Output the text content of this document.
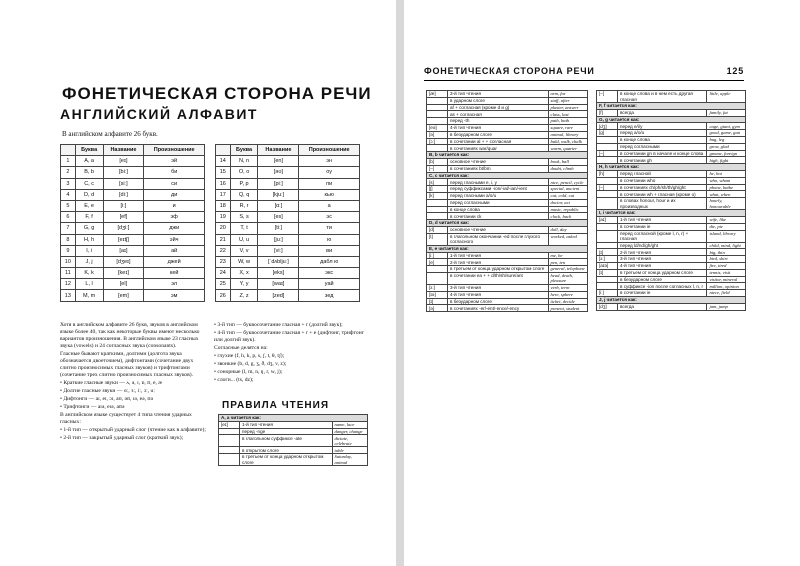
ФОНЕТИЧЕСКАЯ СТОРОНА РЕЧИ
АНГЛИЙСКИЙ АЛФАВИТ
В английском алфавите 26 букв.
	Буква	Название	Произношение			Буква	Название	Произношение
1	A, a	[eɪ]	эй		14	N, n	[en]	эн
2	B, b	[biː]	би		15	O, o	[əʊ]	оу
3	C, c	[siː]	си		16	P, p	[piː]	пи
4	D, d	[diː]	ди		17	Q, q	[kjuː]	кью
5	E, e	[iː]	и		18	R, r	[ɑː]	а
6	F, f	[ef]	эф		19	S, s	[es]	эс
7	G, g	[dʒiː]	джи		20	T, t	[tiː]	ти
8	H, h	[eɪtʃ]	эйч		21	U, u	[juː]	ю
9	I, i	[aɪ]	ай		22	V, v	[viː]	ви
10	J, j	[dʒeɪ]	джей		23	W, w	[ˈdʌbljuː]	дабл ю
11	K, k	[keɪ]	кей		24	X, x	[eks]	экс
12	L, l	[el]	эл		25	Y, y	[waɪ]	уай
13	M, m	[em]	эм		26	Z, z	[zed]	зед

Хотя в английском алфавите 26 букв, звуков в английском языке более 40, так как некоторые буквы имеют несколько вариантов произношения. В английском языке 23 гласных звука (vowels) и 24 согласных звука (consonants).

Гласные бывают краткими, долгими (долгота звука обозначается двоеточием), дифтонгами (сочетание двух слитно произносимых гласных звуков) и трифтонгами (сочетание трех слитно произносимых гласных звуков).

• Краткие гласные звуки — ʌ, ə, ɪ, ɒ, ʊ, e, æ

• Долгие гласные звуки — ɑː, ɜː, iː, ɔː, uː

• Дифтонги — aɪ, eɪ, ɔɪ, aʊ, əʊ, ɪə, eə, ʊə

• Трифтонги — aɪə, eɪə, aʊə

В английском языке существует 4 типа чтения ударных гласных:

• 1-й тип — открытый ударный слог (чтение как в алфавите);

• 2-й тип — закрытый ударный слог (краткий звук);

• 3-й тип — буквосочетание гласная + r (долгий звук);

• 4-й тип — буквосочетание гласная + r + e (дифтонг, трифтонг или долгий звук).

Согласные делятся на:

• глухие (f, h, k, p, s, ʃ, t, θ, tʃ);

• звонкие (b, d, g, ʒ, ð, dʒ, v, z);

• сонорные (l, m, n, ŋ, r, w, j);

• слоги... (ts, dz);

ПРАВИЛА ЧТЕНИЯ
A, a читается как:		
[eɪ]	1-й тип чтения	name, lace
	перед -nge	danger, change
	в глагольном суффиксе -ate	dictate, celebrate
	в открытом слоге	table
	в третьем от конца ударном открытом слоге	Saturday, animal
ФОНЕТИЧЕСКАЯ СТОРОНА РЕЧИ	125
[æ]	3-й тип чтения	arm, far
	в ударном слоге	staff, after
	af + согласная (кроме d и g)	plaster, answer
	as + согласная	class, last
	перед -th	path, bath
[eə]	4-й тип чтения	square, rare
[ə]	в безударном слоге	animal, library
[ɔː]	в сочетании al + + согласная	bald, walk, chalk
	в сочетаниях war/quar	warm, quarter
B, b читается как:		
[b]	основное чтение	book, ball
[–]	в сочетаниях bt/bm	doubt, climb
C, c читается как:		
[s]	перед гласными e, i, y	nice, pencil, cycle
[ʃ]	перед суффиксами -ion/-ial/-ian/-ient	special, ancient
[k]	перед гласными a/o/u	cat, cold, cut
	перед согласными	doctor, act
	в конце слова	music, republic
	в сочетании ck	clock, back
D, d читается как:		
[d]	основное чтение	doll, day
[t]	в глагольном окончании -ed после глухого согласного	worked, asked
E, e читается как:		
[iː]	1-й тип чтения	me, be
[e]	2-й тип чтения	pen, ten
	в третьем от конца ударном открытом слоге	general, telephone
	в сочетании ea + + d/th/sh/sure/ant	head, death, pleasure
[ɜː]	3-й тип чтения	verb, term
[ɪə]	4-й тип чтения	here, sphere
[ɪ]	в безударном слоге	ticket, decide
[ə]	в сочетаниях -er/-ent/-ence/-ency	present, student
[–]	в конце слова и в нем есть другая гласная	little, apple
F, f читается как:		
[f]	всегда	family, fat
G, g читается как:		
[dʒ]	перед e/i/y	cage, giant, gym
[g]	перед a/o/u	good, game, gun
	в конце слова	bag, leg
	перед согласными	grow, glad
[–]	в сочетании gn в начале и конце слова	gnome, foreign
	в сочетании gh	high, fight
H, h читается как:		
[h]	перед гласной	he, hot
	в сочетании who	who, whom
[–]	в сочетаниях ch/ph/sh/th/gh/ght	phone, bathe
	в сочетании wh + гласная (кроме o)	what, when
	в словах honour, hour и их производных	hourly, honourable
I, i читается как:		
[aɪ]	1-й тип чтения	wife, like
	в сочетании ie	die, pie
	перед согласной (кроме l, n, r) + гласная	island, library
	перед ld/nd/gh/ght	child, mind, light
[ɪ]	2-й тип чтения	big, thin
[ɜː]	3-й тип чтения	bird, shirt
[aɪə]	4-й тип чтения	fire, tired
[ɪ]	в третьем от конца ударном слоге	tennis, visit
	в безударном слоге	visitor, mineral
	в суффиксе -ion после согласных l, n, r	million, opinion
[iː]	в сочетании ie	niece, field
J, j читается как:		
[dʒ]	всегда	jam, jump
